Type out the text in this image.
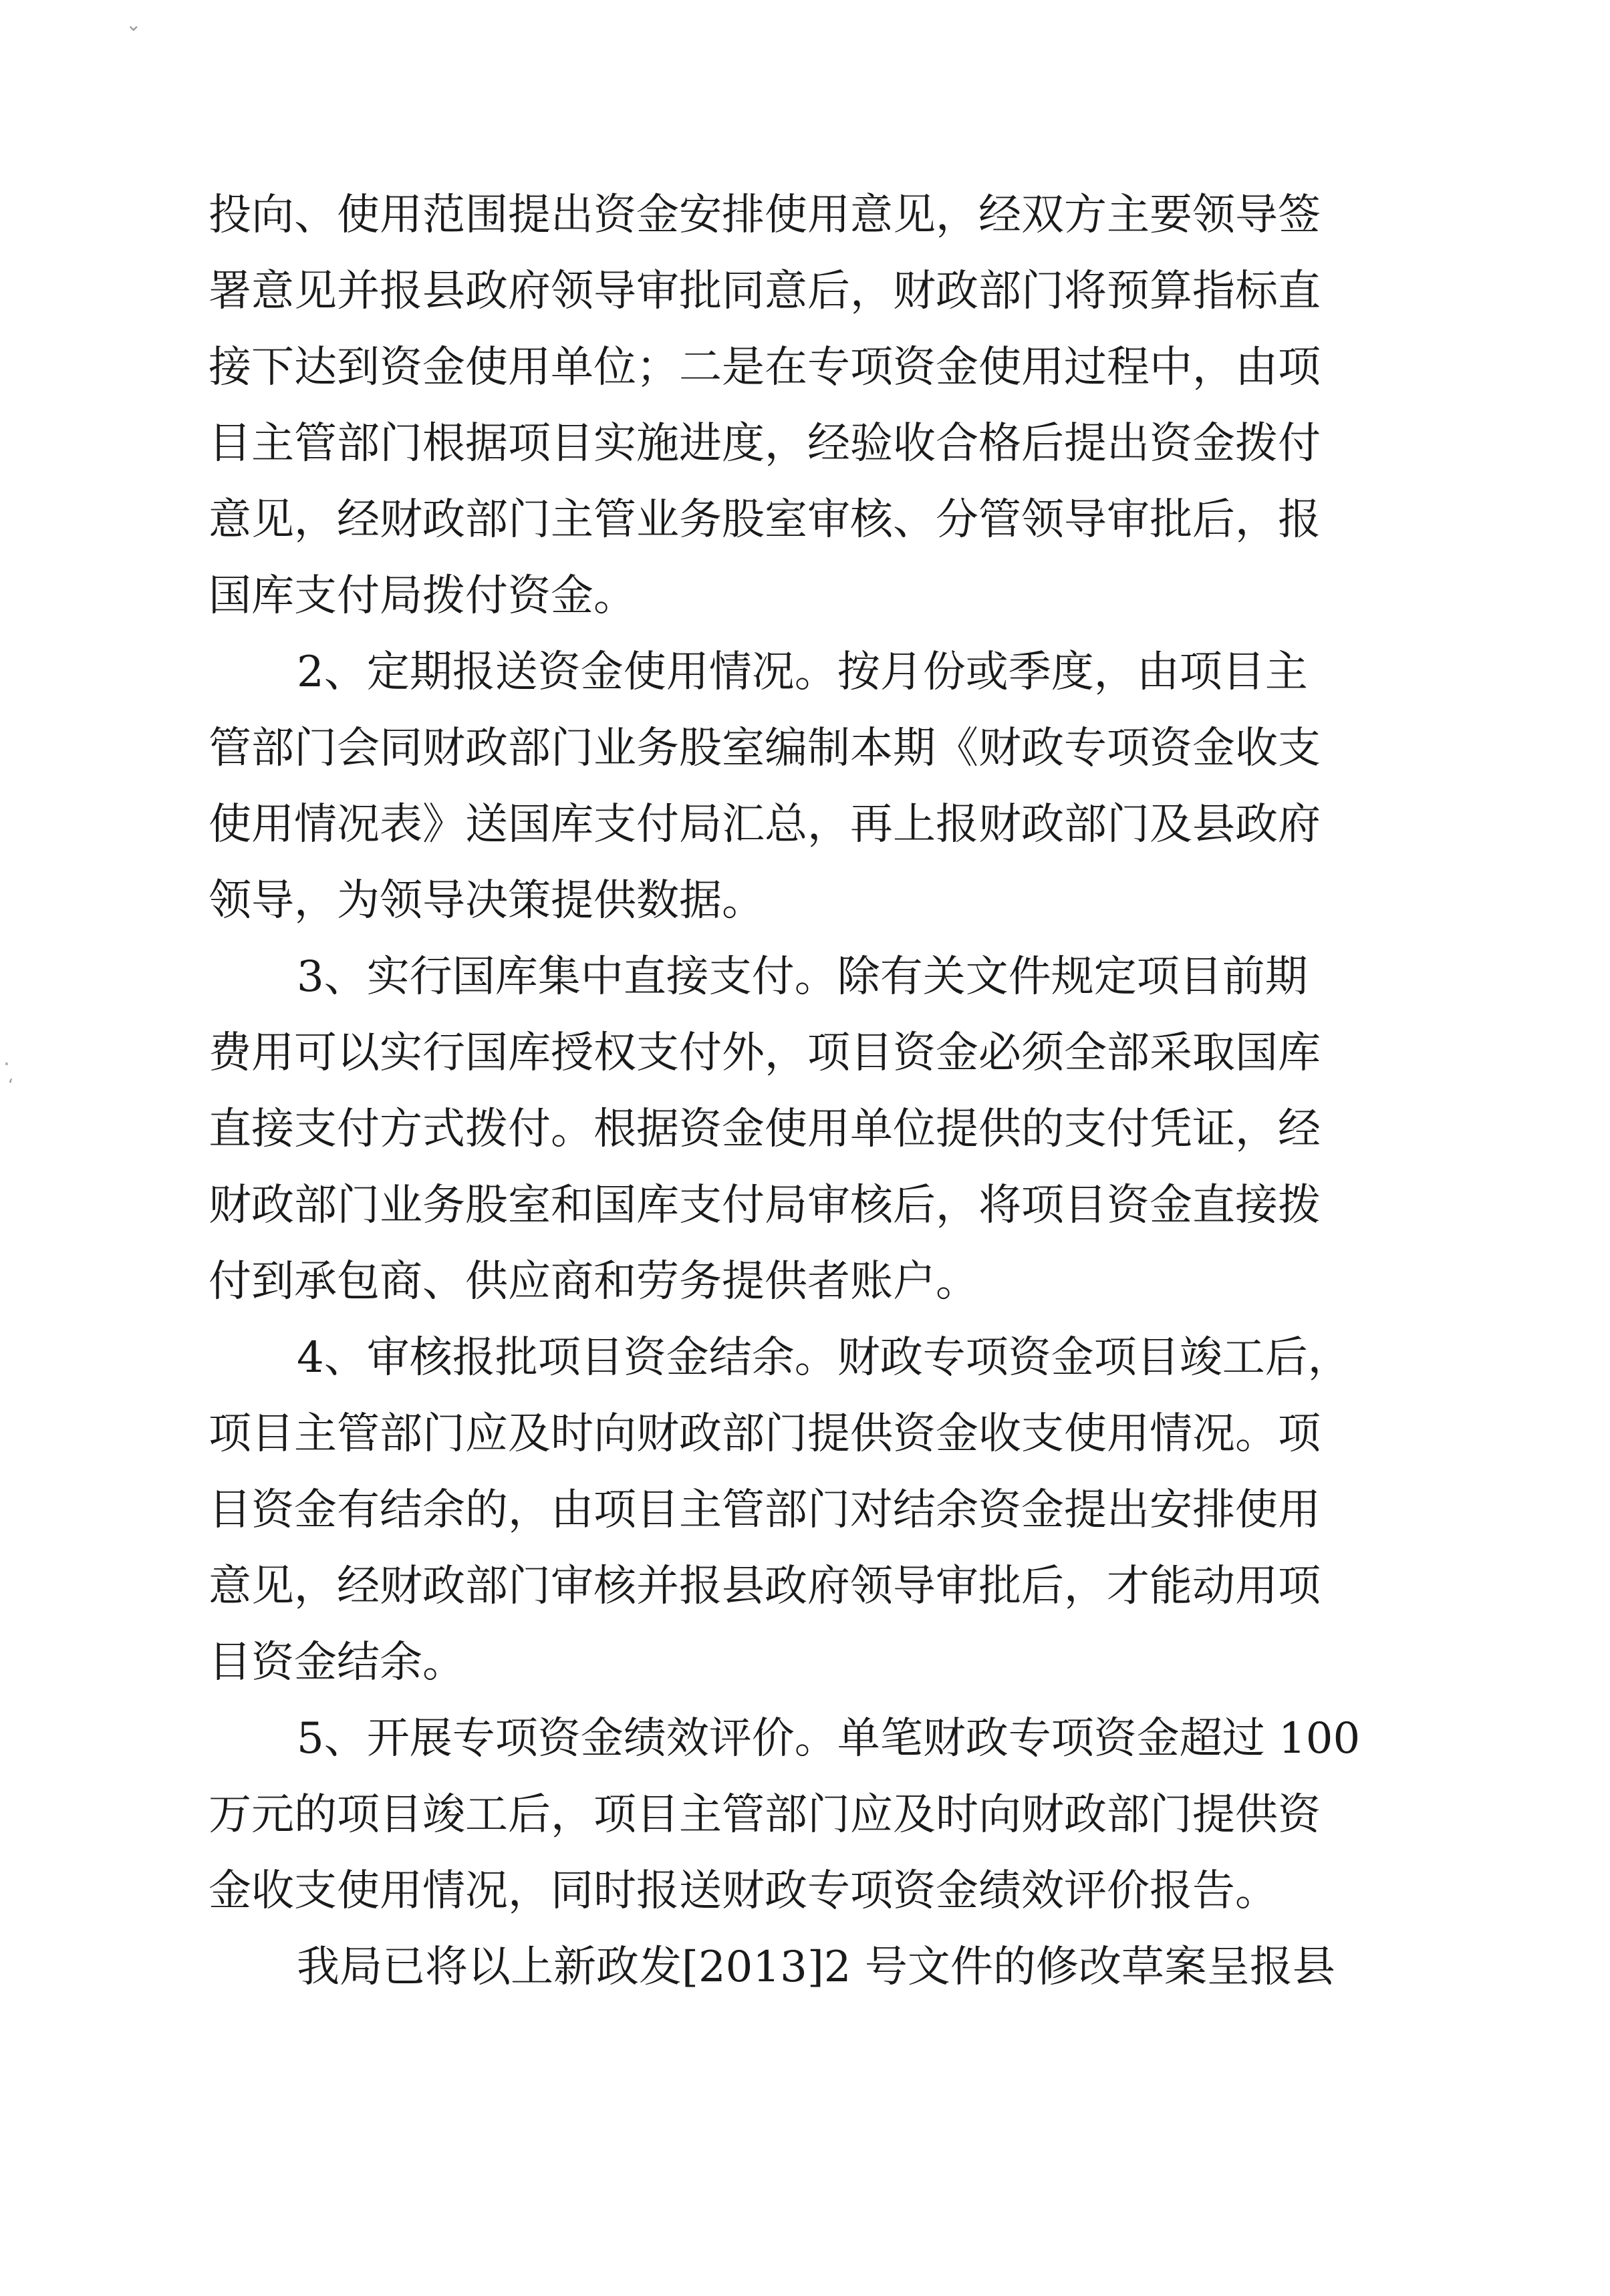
⌄
⸼
‘
投向、使用范围提出资金安排使用意见，经双方主要领导签
署意见并报县政府领导审批同意后，财政部门将预算指标直
接下达到资金使用单位；二是在专项资金使用过程中，由项
目主管部门根据项目实施进度，经验收合格后提出资金拨付
意见，经财政部门主管业务股室审核、分管领导审批后，报
国库支付局拨付资金。
2、定期报送资金使用情况。按月份或季度，由项目主
管部门会同财政部门业务股室编制本期《财政专项资金收支
使用情况表》送国库支付局汇总，再上报财政部门及县政府
领导，为领导决策提供数据。
3、实行国库集中直接支付。除有关文件规定项目前期
费用可以实行国库授权支付外，项目资金必须全部采取国库
直接支付方式拨付。根据资金使用单位提供的支付凭证，经
财政部门业务股室和国库支付局审核后，将项目资金直接拨
付到承包商、供应商和劳务提供者账户。
4、审核报批项目资金结余。财政专项资金项目竣工后，
项目主管部门应及时向财政部门提供资金收支使用情况。项
目资金有结余的，由项目主管部门对结余资金提出安排使用
意见，经财政部门审核并报县政府领导审批后，才能动用项
目资金结余。
5、开展专项资金绩效评价。单笔财政专项资金超过 100
万元的项目竣工后，项目主管部门应及时向财政部门提供资
金收支使用情况，同时报送财政专项资金绩效评价报告。
我局已将以上新政发[2013]2 号文件的修改草案呈报县
